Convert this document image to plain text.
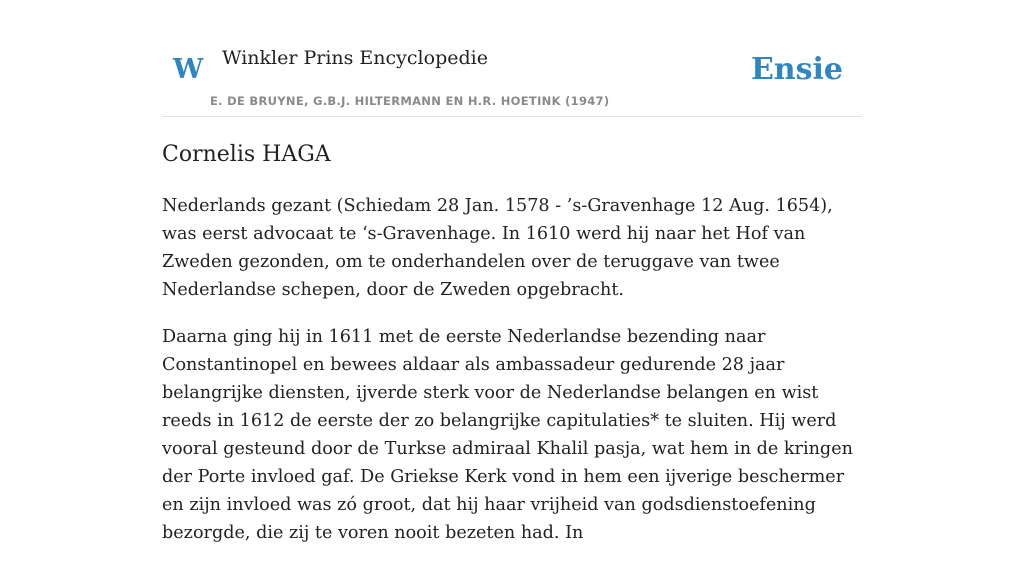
W Winkler Prins Encyclopedie
E. DE BRUYNE, G.B.J. HILTERMANN EN H.R. HOETINK (1947)
Ensie
Cornelis HAGA

Nederlands gezant (Schiedam 28 Jan. 1578 - ’s-Gravenhage 12 Aug. 1654), was eerst advocaat te ‘s-Gravenhage. In 1610 werd hij naar het Hof van Zweden gezonden, om te onderhandelen over de teruggave van twee Nederlandse schepen, door de Zweden opgebracht.

Daarna ging hij in 1611 met de eerste Nederlandse bezending naar Constantinopel en bewees aldaar als ambassadeur gedurende 28 jaar belangrijke diensten, ijverde sterk voor de Nederlandse belangen en wist reeds in 1612 de eerste der zo belangrijke capitulaties* te sluiten. Hij werd vooral gesteund door de Turkse admiraal Khalil pasja, wat hem in de kringen der Porte invloed gaf. De Griekse Kerk vond in hem een ijverige beschermer en zijn invloed was zó groot, dat hij haar vrijheid van godsdienstoefening bezorgde, die zij te voren nooit bezeten had. In
